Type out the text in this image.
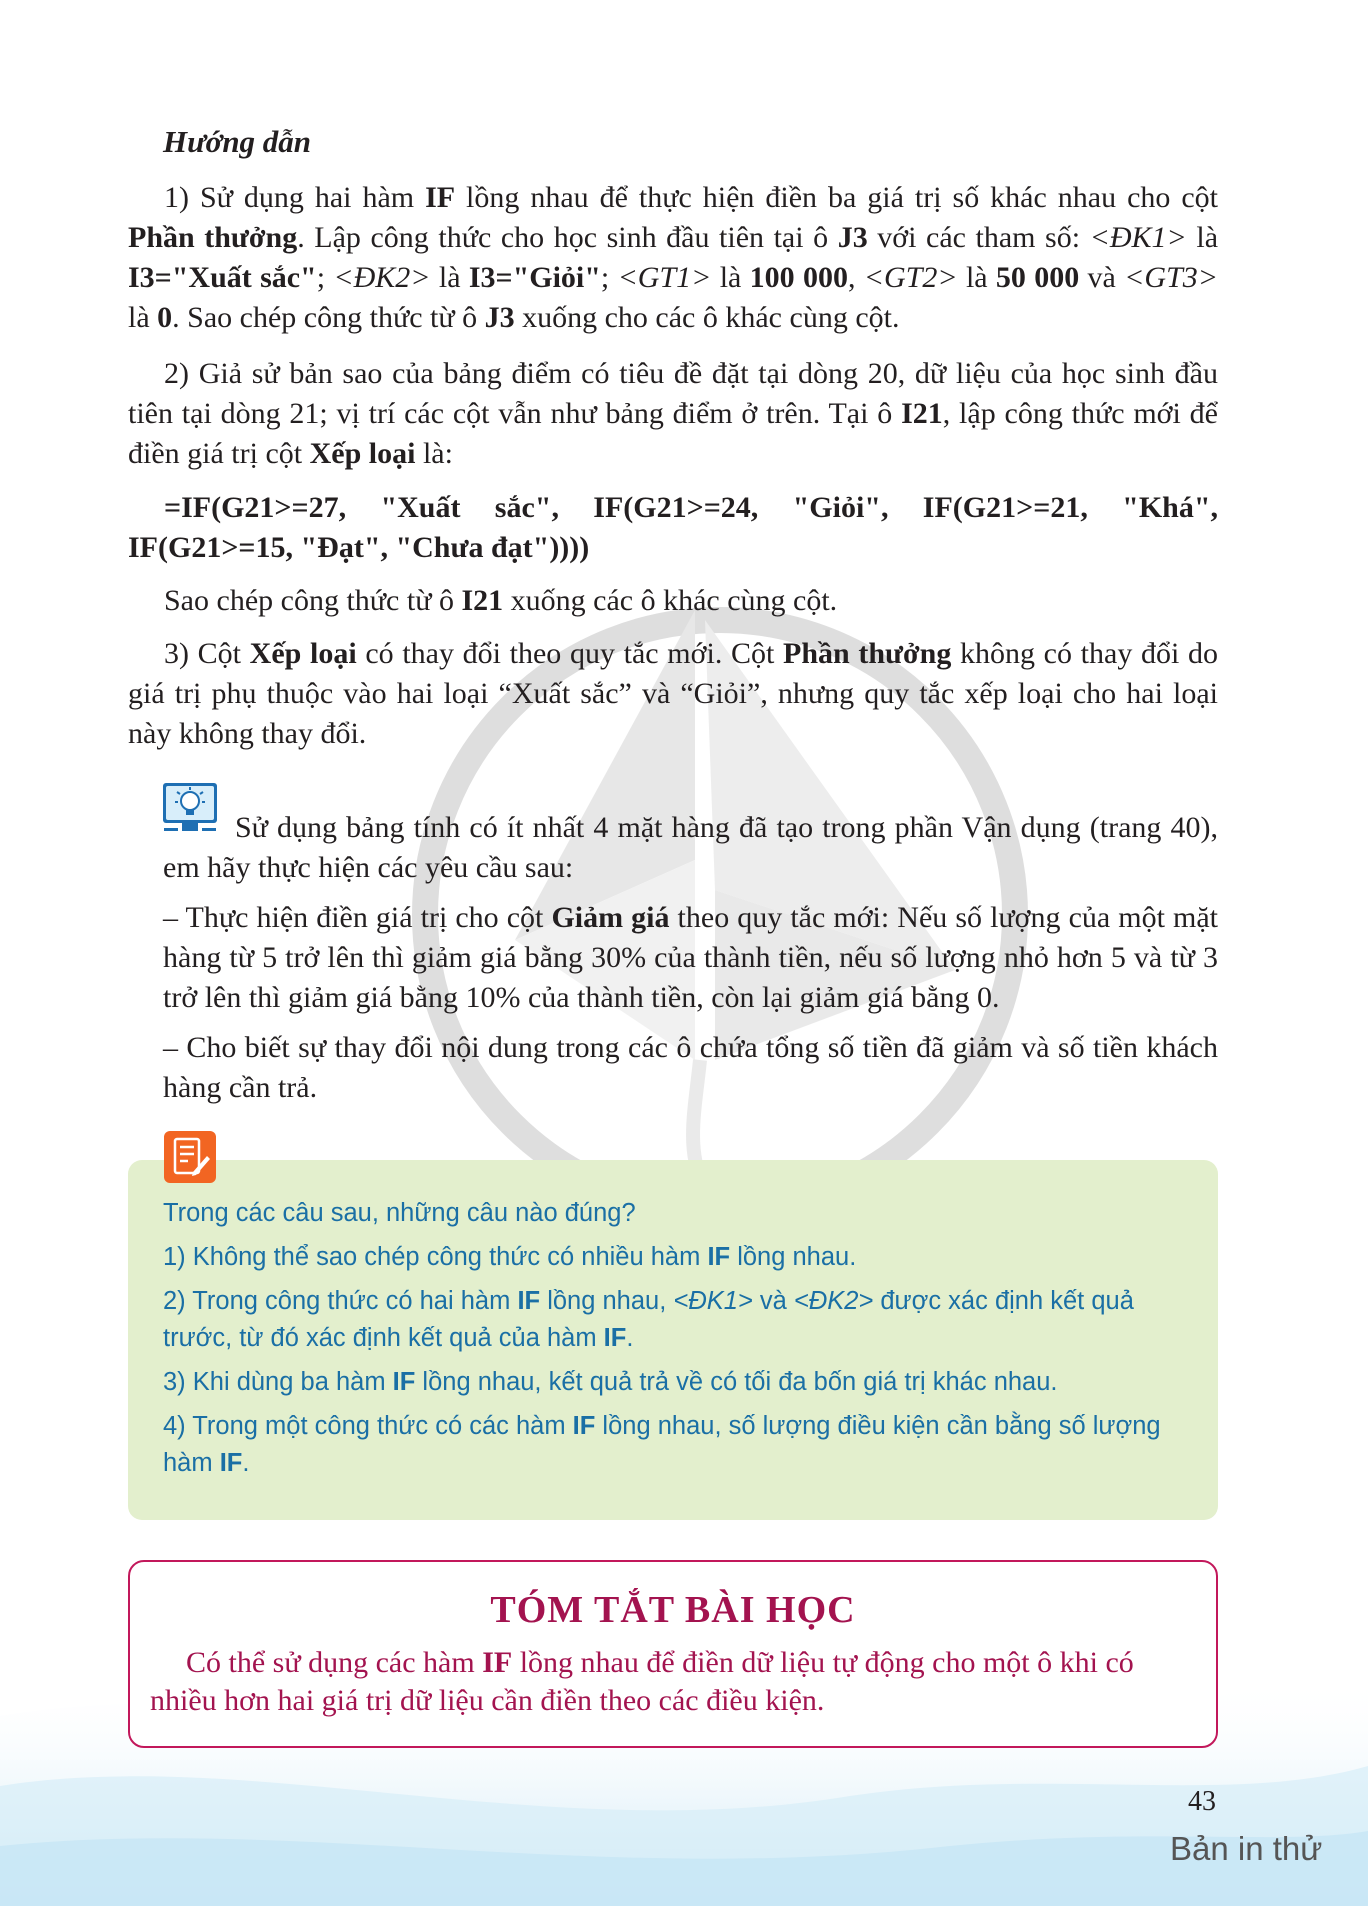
Hướng dẫn

1) Sử dụng hai hàm IF lồng nhau để thực hiện điền ba giá trị số khác nhau cho cột Phần thưởng. Lập công thức cho học sinh đầu tiên tại ô J3 với các tham số: <ĐK1> là I3="Xuất sắc"; <ĐK2> là I3="Giỏi"; <GT1> là 100 000, <GT2> là 50 000 và <GT3> là 0. Sao chép công thức từ ô J3 xuống cho các ô khác cùng cột.

2) Giả sử bản sao của bảng điểm có tiêu đề đặt tại dòng 20, dữ liệu của học sinh đầu tiên tại dòng 21; vị trí các cột vẫn như bảng điểm ở trên. Tại ô I21, lập công thức mới để điền giá trị cột Xếp loại là:

=IF(G21>=27, "Xuất sắc", IF(G21>=24, "Giỏi", IF(G21>=21, "Khá", IF(G21>=15, "Đạt", "Chưa đạt"))))

Sao chép công thức từ ô I21 xuống các ô khác cùng cột.

3) Cột Xếp loại có thay đổi theo quy tắc mới. Cột Phần thưởng không có thay đổi do giá trị phụ thuộc vào hai loại “Xuất sắc” và “Giỏi”, nhưng quy tắc xếp loại cho hai loại này không thay đổi.

Sử dụng bảng tính có ít nhất 4 mặt hàng đã tạo trong phần Vận dụng (trang 40), em hãy thực hiện các yêu cầu sau:

– Thực hiện điền giá trị cho cột Giảm giá theo quy tắc mới: Nếu số lượng của một mặt hàng từ 5 trở lên thì giảm giá bằng 30% của thành tiền, nếu số lượng nhỏ hơn 5 và từ 3 trở lên thì giảm giá bằng 10% của thành tiền, còn lại giảm giá bằng 0.

– Cho biết sự thay đổi nội dung trong các ô chứa tổng số tiền đã giảm và số tiền khách hàng cần trả.

Trong các câu sau, những câu nào đúng?

1) Không thể sao chép công thức có nhiều hàm IF lồng nhau.

2) Trong công thức có hai hàm IF lồng nhau, <ĐK1> và <ĐK2> được xác định kết quả trước, từ đó xác định kết quả của hàm IF.

3) Khi dùng ba hàm IF lồng nhau, kết quả trả về có tối đa bốn giá trị khác nhau.

4) Trong một công thức có các hàm IF lồng nhau, số lượng điều kiện cần bằng số lượng hàm IF.

TÓM TẮT BÀI HỌC
Có thể sử dụng các hàm IF lồng nhau để điền dữ liệu tự động cho một ô khi có nhiều hơn hai giá trị dữ liệu cần điền theo các điều kiện.
43
Bản in thử
